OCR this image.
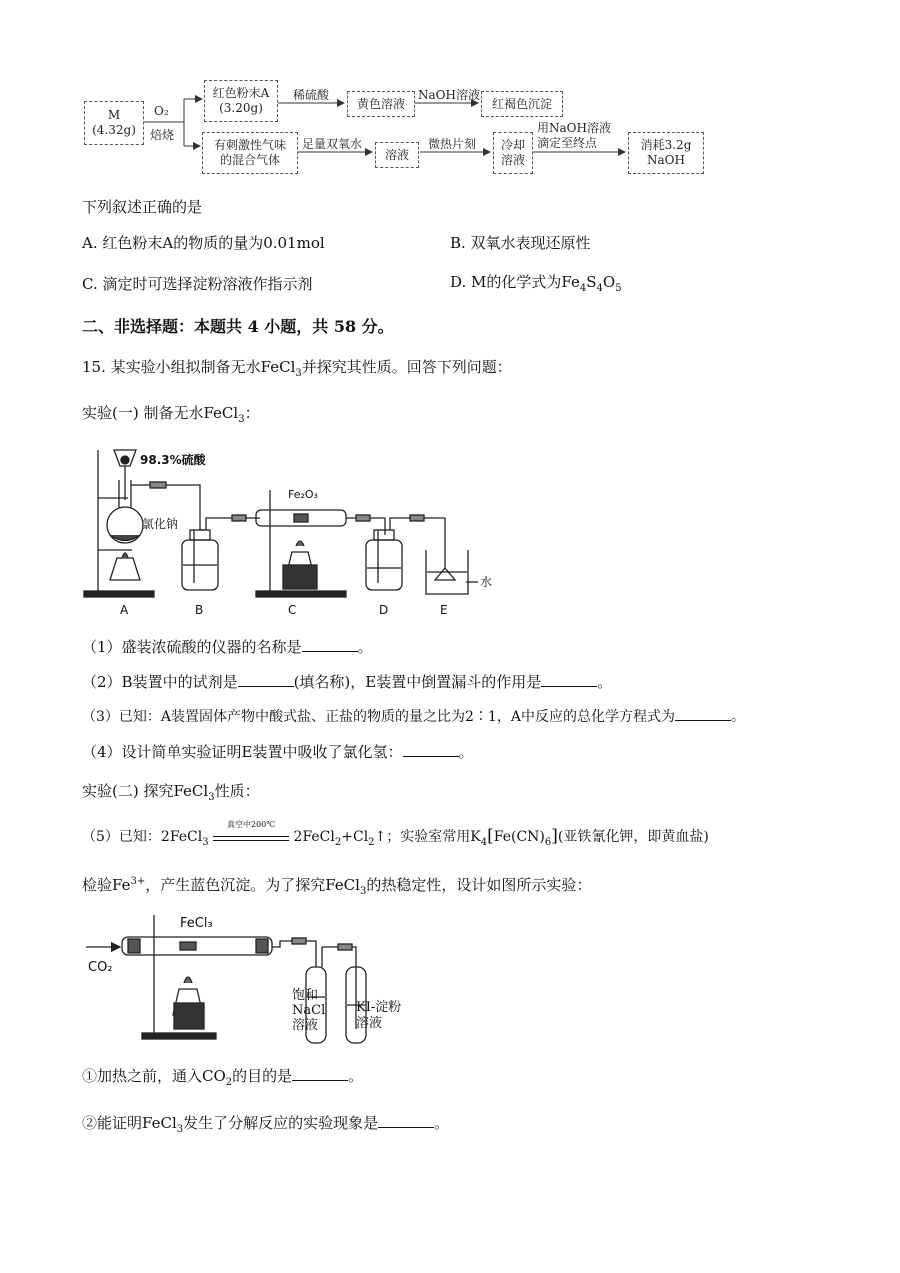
M
(4.32g)
O₂
焙烧
红色粉末A
(3.20g)
稀硫酸
黄色溶液
NaOH溶液
红褐色沉淀
有刺激性气味
的混合气体
足量双氧水
溶液
微热片刻	冷却
溶液
用NaOH溶液
滴定至终点	消耗3.2g
NaOH
下列叙述正确的是
A. 红色粉末A的物质的量为0.01mol	B. 双氧水表现还原性
C. 滴定时可选择淀粉溶液作指示剂	D. M的化学式为$Fe_4S_4O_5$
二、非选择题：本题共 4 小题，共 58 分。
15. 某实验小组拟制备无水FeCl$_3$并探究其性质。回答下列问题：
实验(一) 制备无水FeCl$_3$：
98.3%硫酸
氯化钠
Fe₂O₃
水
A	B	C	D	E
（1）盛装浓硫酸的仪器的名称是	。
（2）B装置中的试剂是	(填名称)，E装置中倒置漏斗的作用是	。
（3）已知：A装置固体产物中酸式盐、正盐的物质的量之比为2∶1，A中反应的总化学方程式为	。
（4）设计简单实验证明E装置中吸收了氯化氢：	。
实验(二) 探究FeCl$_3$性质：
（5）已知：2FeCl$_3$
真空中200℃
$2FeCl_2+Cl_2↑$；实验室常用$K_4[Fe(CN)_6]$(亚铁氰化钾，即黄血盐)
检验$Fe^{3+}$，产生蓝色沉淀。为了探究FeCl$_3$的热稳定性，设计如图所示实验：
FeCl₃
CO₂
饱和
NaCl
溶液
KI-淀粉
溶液
①加热之前，通入$CO_2$的目的是	。
②能证明FeCl$_3$发生了分解反应的实验现象是	。
